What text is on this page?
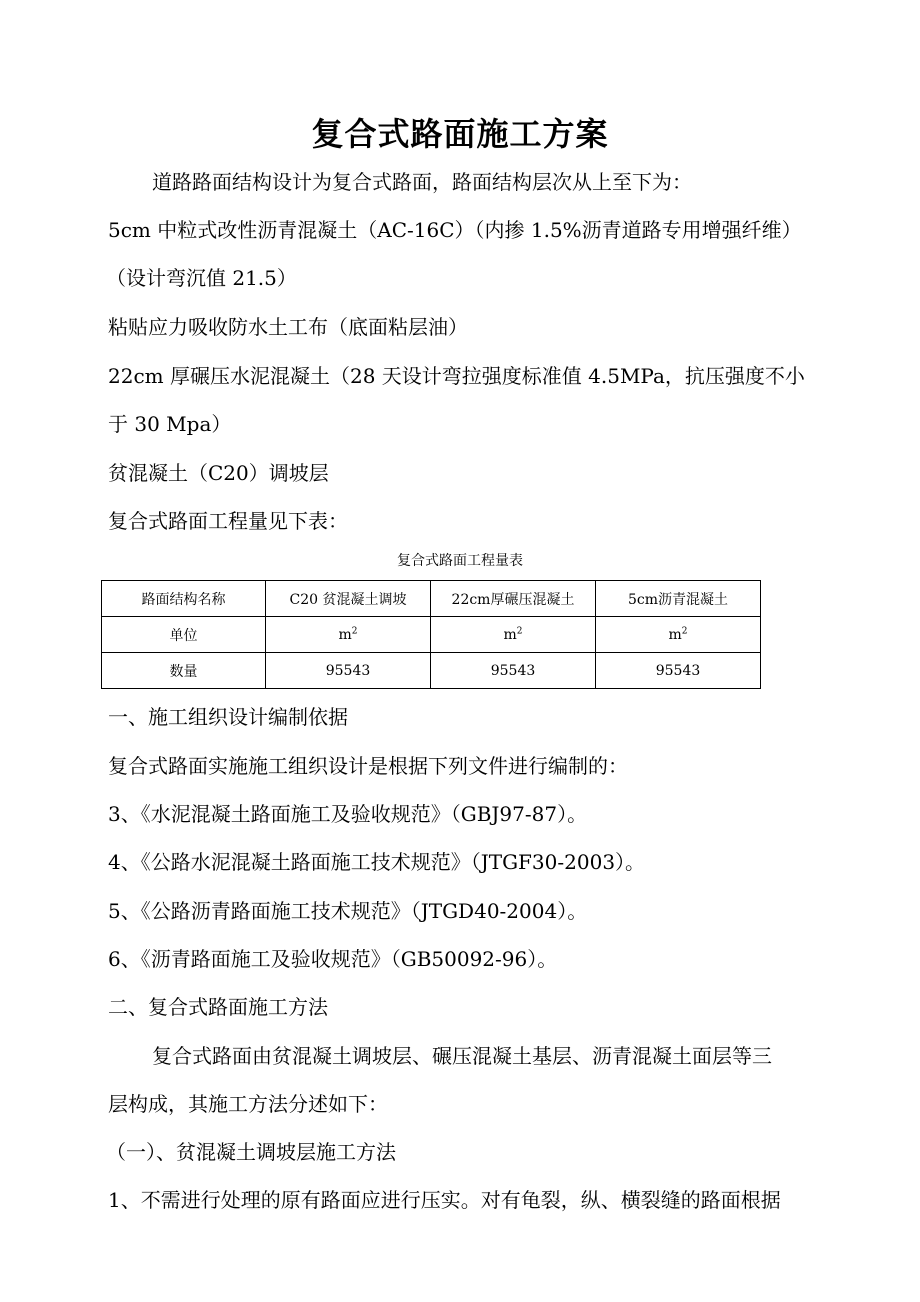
复合式路面施工方案
道路路面结构设计为复合式路面，路面结构层次从上至下为：
5cm 中粒式改性沥青混凝土（AC-16C）（内掺 1.5%沥青道路专用增强纤维）
（设计弯沉值 21.5）
粘贴应力吸收防水土工布（底面粘层油）
22cm 厚碾压水泥混凝土（28 天设计弯拉强度标准值 4.5MPa，抗压强度不小
于 30 Mpa）
贫混凝土（C20）调坡层
复合式路面工程量见下表：
复合式路面工程量表
路面结构名称	C20 贫混凝土调坡	22cm厚碾压混凝土	5cm沥青混凝土
单位	$m^2$	$m^2$	$m^2$
数量	95543	95543	95543
一、施工组织设计编制依据
复合式路面实施施工组织设计是根据下列文件进行编制的：
3、《水泥混凝土路面施工及验收规范》（GBJ97-87）。
4、《公路水泥混凝土路面施工技术规范》（JTGF30-2003）。
5、《公路沥青路面施工技术规范》（JTGD40-2004）。
6、《沥青路面施工及验收规范》（GB50092-96）。
二、复合式路面施工方法
复合式路面由贫混凝土调坡层、碾压混凝土基层、沥青混凝土面层等三
层构成，其施工方法分述如下：
（一）、贫混凝土调坡层施工方法
1、不需进行处理的原有路面应进行压实。对有龟裂，纵、横裂缝的路面根据
